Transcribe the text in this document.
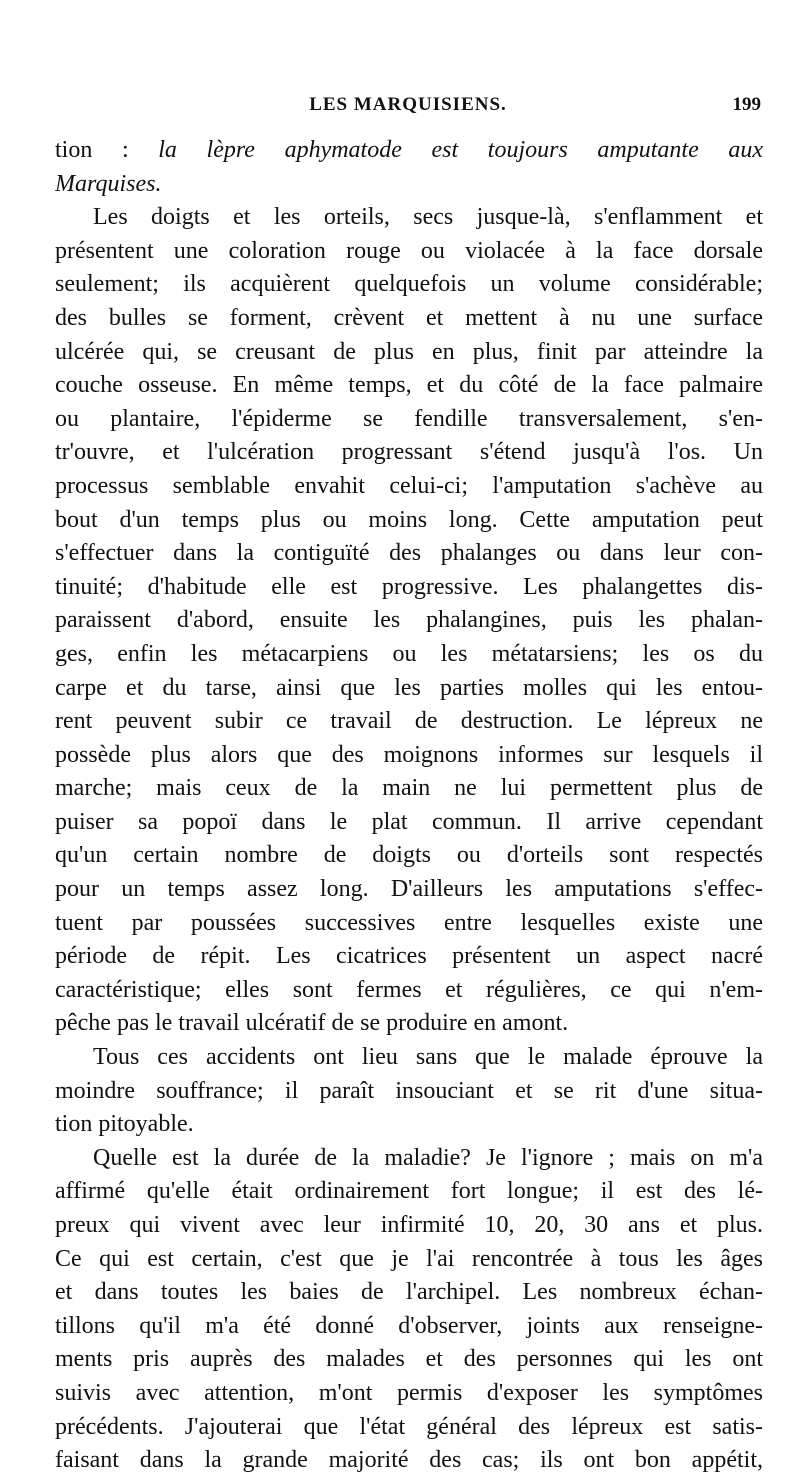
LES MARQUISIENS.	199
tion : la lèpre aphymatode est toujours amputante aux
Marquises.
Les doigts et les orteils, secs jusque-là, s'enflamment et
présentent une coloration rouge ou violacée à la face dorsale
seulement; ils acquièrent quelquefois un volume considérable;
des bulles se forment, crèvent et mettent à nu une surface
ulcérée qui, se creusant de plus en plus, finit par atteindre la
couche osseuse. En même temps, et du côté de la face palmaire
ou plantaire, l'épiderme se fendille transversalement, s'en-
tr'ouvre, et l'ulcération progressant s'étend jusqu'à l'os. Un
processus semblable envahit celui-ci; l'amputation s'achève au
bout d'un temps plus ou moins long. Cette amputation peut
s'effectuer dans la contiguïté des phalanges ou dans leur con-
tinuité; d'habitude elle est progressive. Les phalangettes dis-
paraissent d'abord, ensuite les phalangines, puis les phalan-
ges, enfin les métacarpiens ou les métatarsiens; les os du
carpe et du tarse, ainsi que les parties molles qui les entou-
rent peuvent subir ce travail de destruction. Le lépreux ne
possède plus alors que des moignons informes sur lesquels il
marche; mais ceux de la main ne lui permettent plus de
puiser sa popoï dans le plat commun. Il arrive cependant
qu'un certain nombre de doigts ou d'orteils sont respectés
pour un temps assez long. D'ailleurs les amputations s'effec-
tuent par poussées successives entre lesquelles existe une
période de répit. Les cicatrices présentent un aspect nacré
caractéristique; elles sont fermes et régulières, ce qui n'em-
pêche pas le travail ulcératif de se produire en amont.
Tous ces accidents ont lieu sans que le malade éprouve la
moindre souffrance; il paraît insouciant et se rit d'une situa-
tion pitoyable.
Quelle est la durée de la maladie? Je l'ignore ; mais on m'a
affirmé qu'elle était ordinairement fort longue; il est des lé-
preux qui vivent avec leur infirmité 10, 20, 30 ans et plus.
Ce qui est certain, c'est que je l'ai rencontrée à tous les âges
et dans toutes les baies de l'archipel. Les nombreux échan-
tillons qu'il m'a été donné d'observer, joints aux renseigne-
ments pris auprès des malades et des personnes qui les ont
suivis avec attention, m'ont permis d'exposer les symptômes
précédents. J'ajouterai que l'état général des lépreux est satis-
faisant dans la grande majorité des cas; ils ont bon appétit,
